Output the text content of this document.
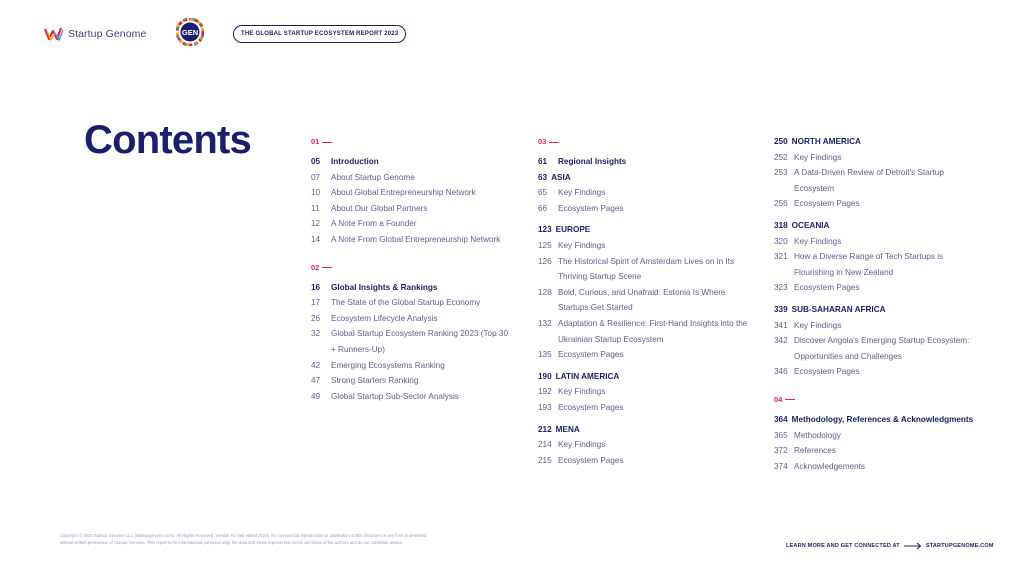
Startup Genome	GEN	THE GLOBAL STARTUP ECOSYSTEM REPORT 2023
Contents	01
05	Introduction
07	About Startup Genome
10	About Global Entrepreneurship Network
11	About Our Global Partners
12	A Note From a Founder
14	A Note From Global Entrepreneurship Network
02
16	Global Insights & Rankings
17	The State of the Global Startup Economy
26	Ecosystem Lifecycle Analysis
32	Global Startup Ecosystem Ranking 2023 (Top 30 + Runners-Up)
42	Emerging Ecosystems Ranking
47	Strong Starters Ranking
49	Global Startup Sub-Sector Analysis
03
61	Regional Insights
63 ASIA
65	Key Findings
66	Ecosystem Pages
123 EUROPE
125 Key Findings
126 The Historical Spirit of Amsterdam Lives on in Its Thriving Startup Scene
128 Bold, Curious, and Unafraid: Estonia Is Where Startups Get Started
132 Adaptation & Resilience: First-Hand Insights into the Ukrainian Startup Ecosystem
135 Ecosystem Pages
190 LATIN AMERICA
192 Key Findings
193 Ecosystem Pages
212 MENA
214 Key Findings
215 Ecosystem Pages
250 NORTH AMERICA
252 Key Findings
253 A Data-Driven Review of Detroit's Startup Ecosystem
256 Ecosystem Pages
318 OCEANIA
320 Key Findings
321 How a Diverse Range of Tech Startups is Flourishing in New Zealand
323 Ecosystem Pages
339 SUB-SAHARAN AFRICA
341 Key Findings
342 Discover Angola's Emerging Startup Ecosystem: Opportunities and Challenges
346 Ecosystem Pages
04
364 Methodology, References & Acknowledgments
365 Methodology
372 References
374 Acknowledgements
Copyright © 2023 Startup Genome LLC (startupgenome.com). All Rights Reserved. Version #1 (last edited 2023). No commercial reproduction or distribution of this document in any form is permitted without written permission of Startup Genome. This report is for informational purposes only; the data and views represented herein are those of the authors and do not constitute advice.
LEARN MORE AND GET CONNECTED AT	STARTUPGENOME.COM
